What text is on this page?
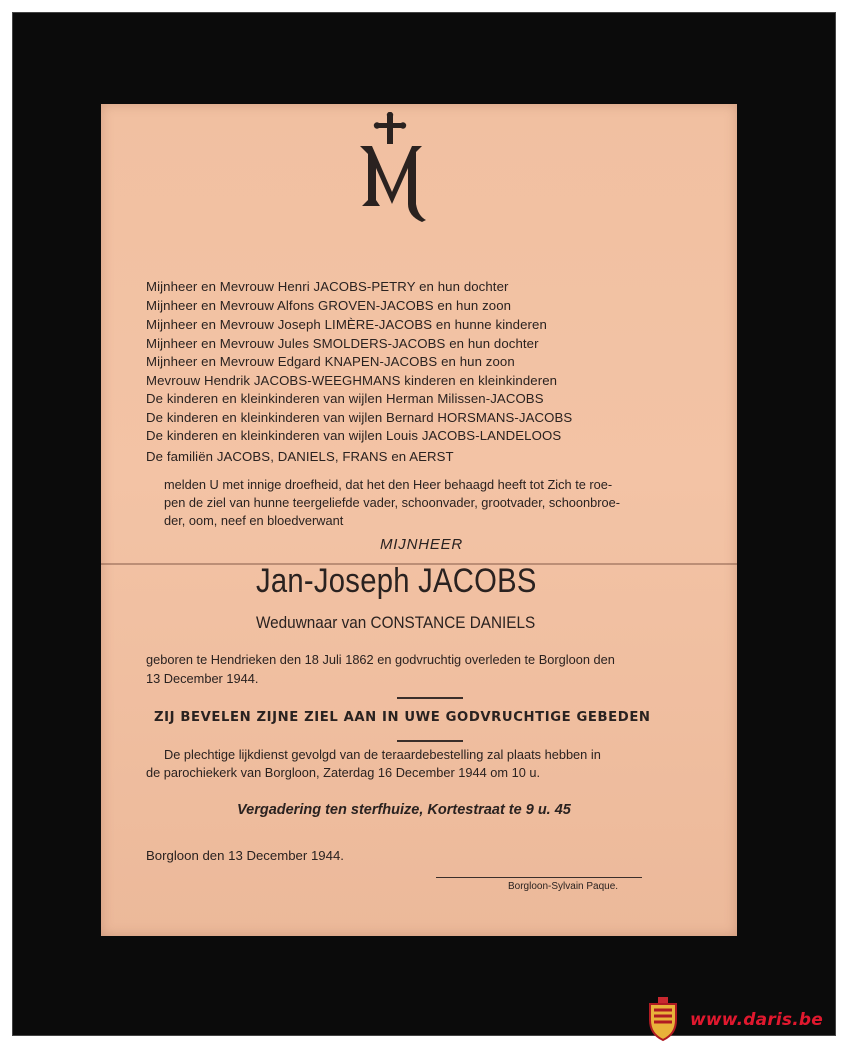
Mijnheer en Mevrouw Henri JACOBS-PETRY en hun dochter
Mijnheer en Mevrouw Alfons GROVEN-JACOBS en hun zoon
Mijnheer en Mevrouw Joseph LIMÈRE-JACOBS en hunne kinderen
Mijnheer en Mevrouw Jules SMOLDERS-JACOBS en hun dochter
Mijnheer en Mevrouw Edgard KNAPEN-JACOBS en hun zoon
Mevrouw Hendrik JACOBS-WEEGHMANS kinderen en kleinkinderen
De kinderen en kleinkinderen van wijlen Herman Milissen-JACOBS
De kinderen en kleinkinderen van wijlen Bernard HORSMANS-JACOBS
De kinderen en kleinkinderen van wijlen Louis JACOBS-LANDELOOS
De familiën JACOBS, DANIELS, FRANS en AERST
melden U met innige droefheid, dat het den Heer behaagd heeft tot Zich te roe-
pen de ziel van hunne teergeliefde vader, schoonvader, grootvader, schoonbroe-
der, oom, neef en bloedverwant
MIJNHEER
Jan-Joseph JACOBS
Weduwnaar van CONSTANCE DANIELS
geboren te Hendrieken den 18 Juli 1862 en godvruchtig overleden te Borgloon den
13 December 1944.
ZIJ BEVELEN ZIJNE ZIEL AAN IN UWE GODVRUCHTIGE GEBEDEN
De plechtige lijkdienst gevolgd van de teraardebestelling zal plaats hebben in
de parochiekerk van Borgloon, Zaterdag 16 December 1944 om 10 u.
Vergadering ten sterfhuize, Kortestraat te 9 u. 45
Borgloon den 13 December 1944.
Borgloon-Sylvain Paque.
www.daris.be
